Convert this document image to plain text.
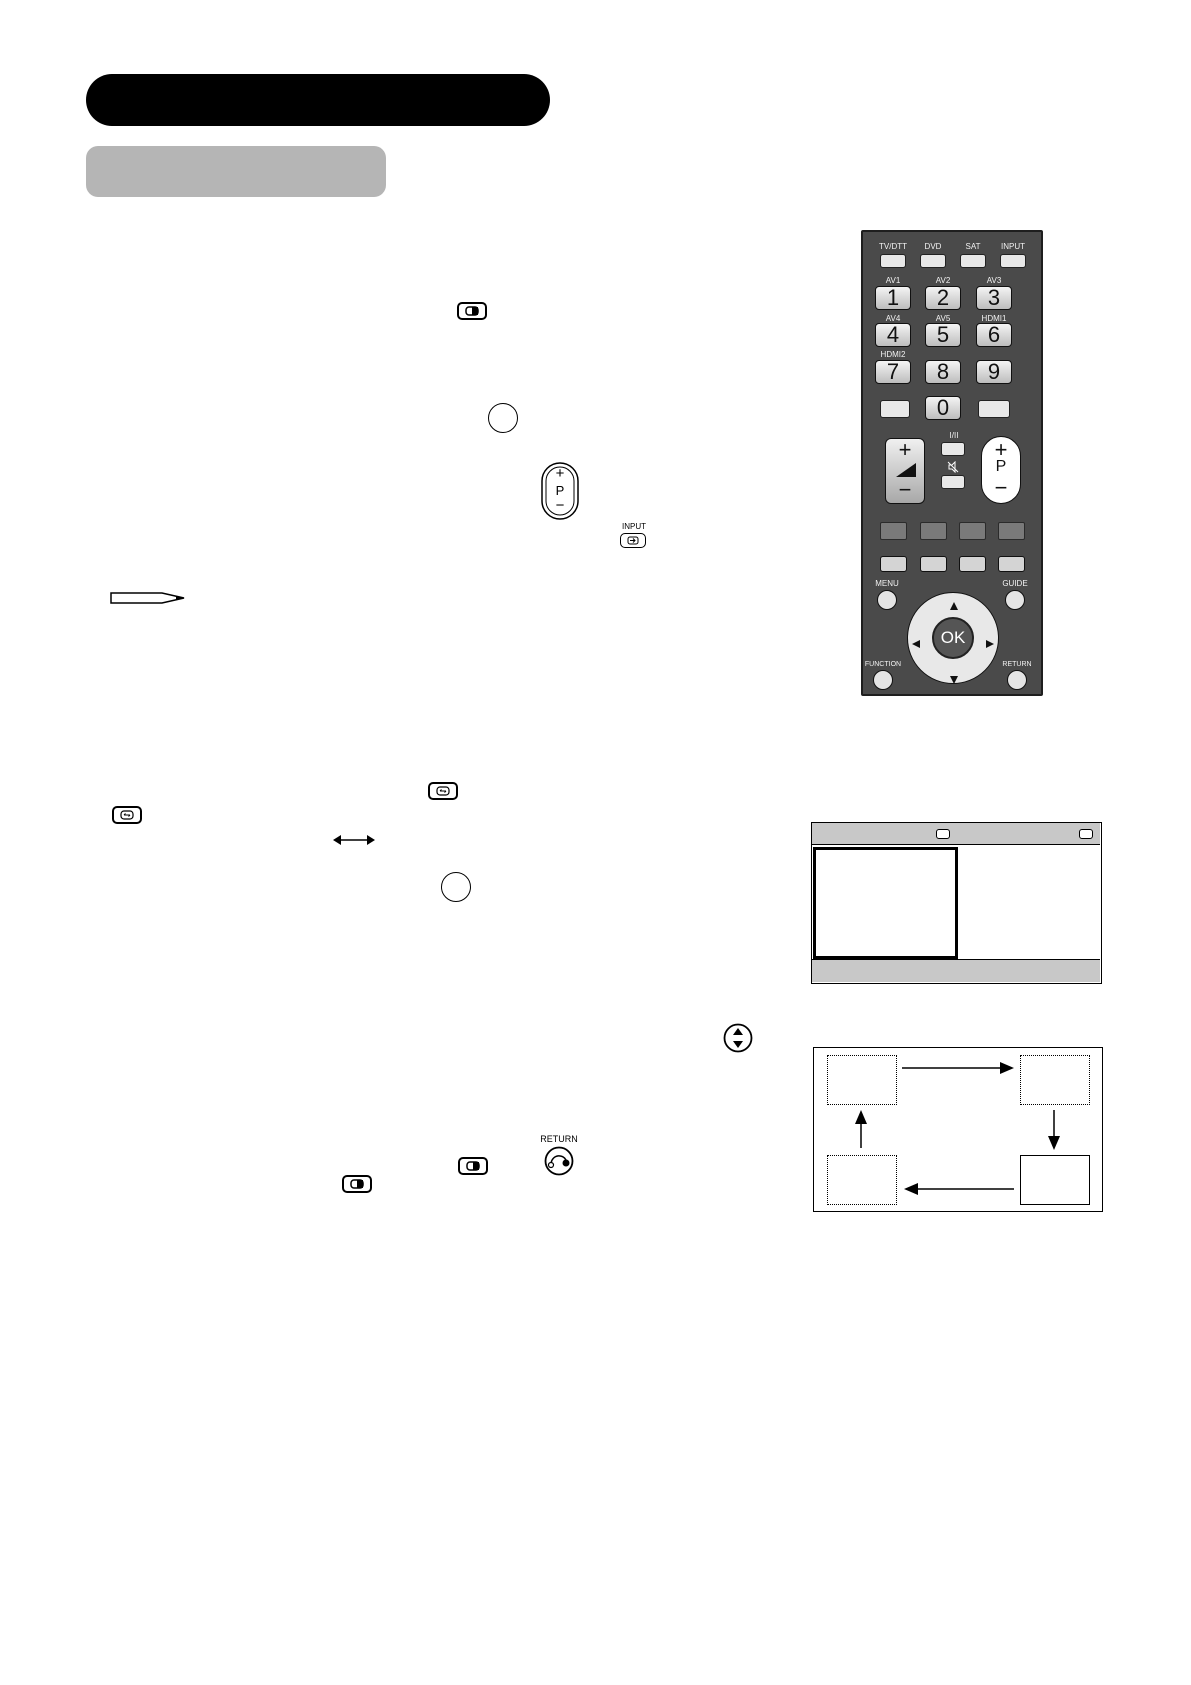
+
P
−
INPUT
TV/DTT	DVD	SAT	INPUT
AV1	AV2	AV3
AV4	AV5	HDMI1
HDMI2
1	2	3
4	5	6
7	8	9
0
+
−
I/II
+
P
−
MENU	GUIDE
OK
FUNCTION	RETURN
RETURN
